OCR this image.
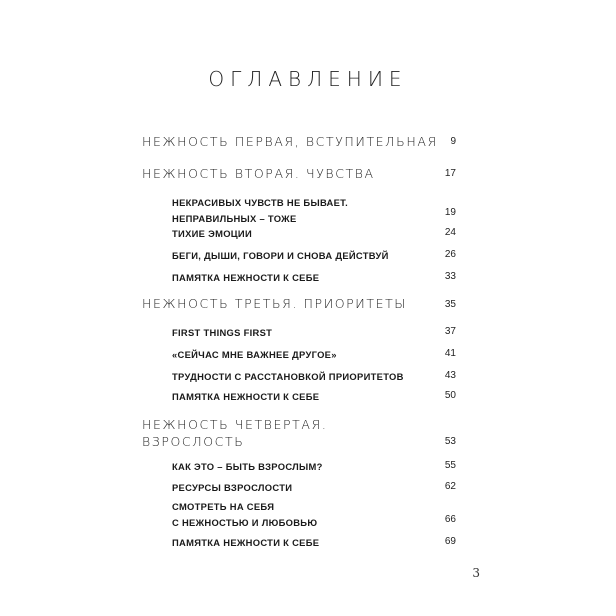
ОГЛАВЛЕНИЕ
НЕЖНОСТЬ ПЕРВАЯ, ВСТУПИТЕЛЬНАЯ	9
НЕЖНОСТЬ ВТОРАЯ. ЧУВСТВА	17
НЕКРАСИВЫХ ЧУВСТВ НЕ БЫВАЕТ.
НЕПРАВИЛЬНЫХ – ТОЖЕ	19
ТИХИЕ ЭМОЦИИ	24
БЕГИ, ДЫШИ, ГОВОРИ И СНОВА ДЕЙСТВУЙ	26
ПАМЯТКА НЕЖНОСТИ К СЕБЕ	33
НЕЖНОСТЬ ТРЕТЬЯ. ПРИОРИТЕТЫ	35
FIRST THINGS FIRST	37
«СЕЙЧАС МНЕ ВАЖНЕЕ ДРУГОЕ»	41
ТРУДНОСТИ С РАССТАНОВКОЙ ПРИОРИТЕТОВ	43
ПАМЯТКА НЕЖНОСТИ К СЕБЕ	50
НЕЖНОСТЬ ЧЕТВЕРТАЯ.
ВЗРОСЛОСТЬ	53
КАК ЭТО – БЫТЬ ВЗРОСЛЫМ?	55
РЕСУРСЫ ВЗРОСЛОСТИ	62
СМОТРЕТЬ НА СЕБЯ
С НЕЖНОСТЬЮ И ЛЮБОВЬЮ	66
ПАМЯТКА НЕЖНОСТИ К СЕБЕ	69
3
